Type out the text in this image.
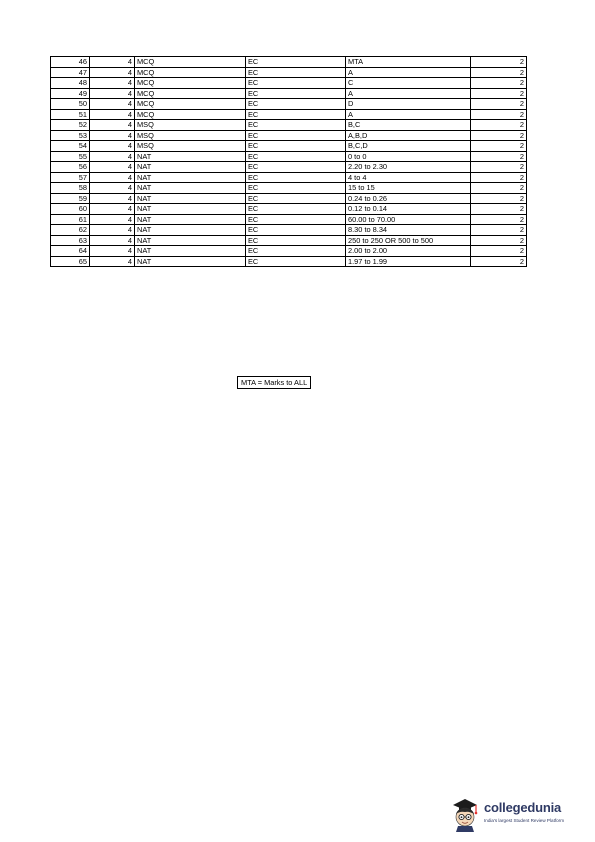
46	4	MCQ	EC	MTA	2
47	4	MCQ	EC	A	2
48	4	MCQ	EC	C	2
49	4	MCQ	EC	A	2
50	4	MCQ	EC	D	2
51	4	MCQ	EC	A	2
52	4	MSQ	EC	B,C	2
53	4	MSQ	EC	A,B,D	2
54	4	MSQ	EC	B,C,D	2
55	4	NAT	EC	0 to 0	2
56	4	NAT	EC	2.20 to 2.30	2
57	4	NAT	EC	4 to 4	2
58	4	NAT	EC	15 to 15	2
59	4	NAT	EC	0.24 to 0.26	2
60	4	NAT	EC	0.12 to 0.14	2
61	4	NAT	EC	60.00 to 70.00	2
62	4	NAT	EC	8.30 to 8.34	2
63	4	NAT	EC	250 to 250 OR 500 to 500	2
64	4	NAT	EC	2.00 to 2.00	2
65	4	NAT	EC	1.97 to 1.99	2
MTA = Marks to ALL
collegedunia
India's largest Student Review Platform
